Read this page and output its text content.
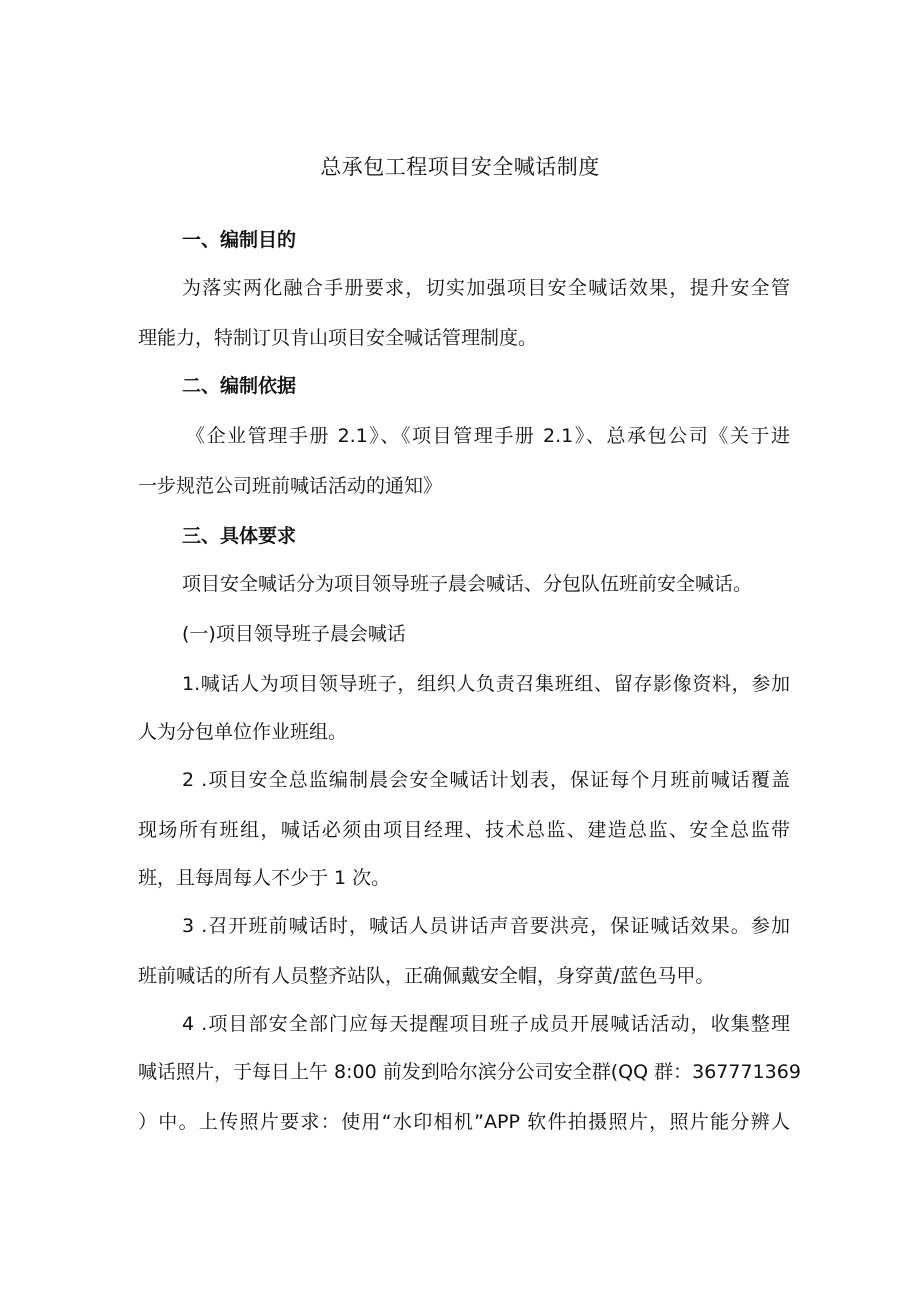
总承包工程项目安全喊话制度
一、编制目的
为落实两化融合手册要求，切实加强项目安全喊话效果，提升安全管
理能力，特制订贝肯山项目安全喊话管理制度。
二、编制依据
《企业管理手册 2.1》、《项目管理手册 2.1》、总承包公司《关于进
一步规范公司班前喊话活动的通知》
三、具体要求
项目安全喊话分为项目领导班子晨会喊话、分包队伍班前安全喊话。
(一)项目领导班子晨会喊话
1.喊话人为项目领导班子，组织人负责召集班组、留存影像资料，参加
人为分包单位作业班组。
2 .项目安全总监编制晨会安全喊话计划表，保证每个月班前喊话覆盖
现场所有班组，喊话必须由项目经理、技术总监、建造总监、安全总监带
班，且每周每人不少于 1 次。
3 .召开班前喊话时，喊话人员讲话声音要洪亮，保证喊话效果。参加
班前喊话的所有人员整齐站队，正确佩戴安全帽，身穿黄/蓝色马甲。
4 .项目部安全部门应每天提醒项目班子成员开展喊话活动，收集整理
喊话照片，于每日上午 8:00 前发到哈尔滨分公司安全群(QQ 群：367771369
）中。上传照片要求：使用“水印相机”APP 软件拍摄照片，照片能分辨人
